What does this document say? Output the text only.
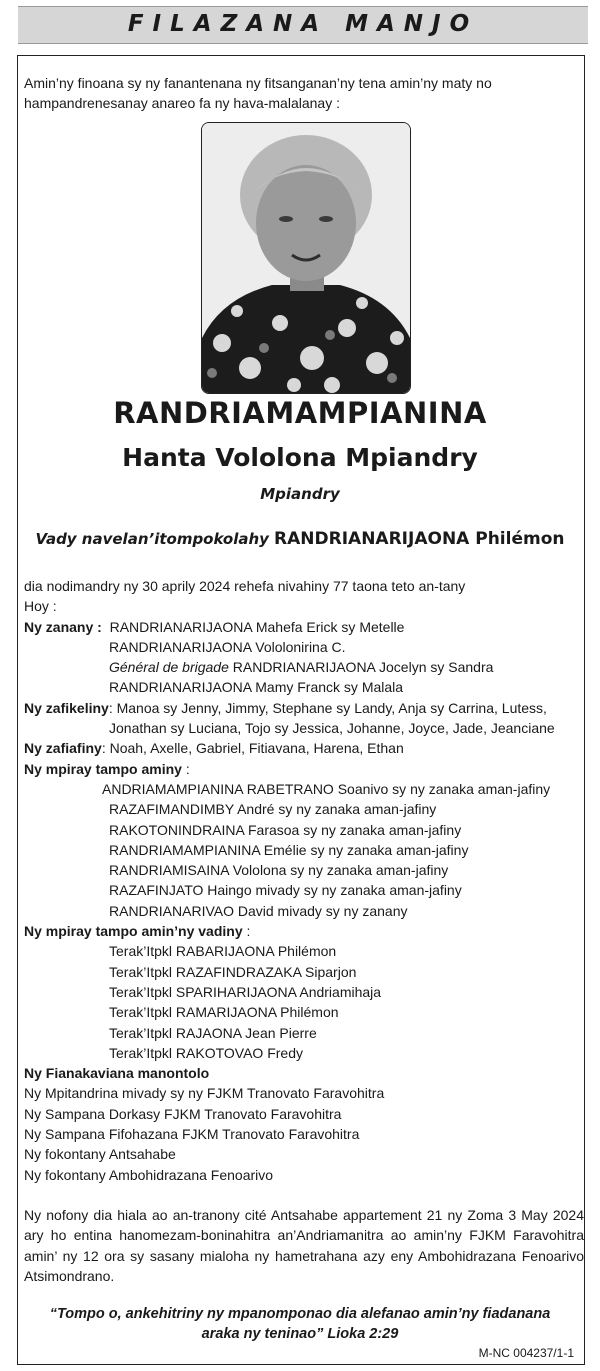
FILAZANA MANJO
Amin’ny finoana sy ny fanantenana ny fitsanganan’ny tena amin’ny maty no hampandrenesanay anareo fa ny hava-malalanay :
RANDRIAMAMPIANINA
Hanta Vololona Mpiandry
Mpiandry
Vady navelan’itompokolahy RANDRIANARIJAONA Philémon
dia nodimandry ny 30 aprily 2024 rehefa nivahiny 77 taona teto an-tany
Hoy :
Ny zanany : RANDRIANARIJAONA Mahefa Erick sy Metelle
RANDRIANARIJAONA Vololonirina C.
Général de brigade RANDRIANARIJAONA Jocelyn sy Sandra
RANDRIANARIJAONA Mamy Franck sy Malala
Ny zafikeliny: Manoa sy Jenny, Jimmy, Stephane sy Landy, Anja sy Carrina, Lutess,
Jonathan sy Luciana, Tojo sy Jessica, Johanne, Joyce, Jade, Jeanciane
Ny zafiafiny: Noah, Axelle, Gabriel, Fitiavana, Harena, Ethan
Ny mpiray tampo aminy :
ANDRIAMAMPIANINA RABETRANO Soanivo sy ny zanaka aman-jafiny
RAZAFIMANDIMBY André sy ny zanaka aman-jafiny
RAKOTONINDRAINA Farasoa sy ny zanaka aman-jafiny
RANDRIAMAMPIANINA Emélie sy ny zanaka aman-jafiny
RANDRIAMISAINA Vololona sy ny zanaka aman-jafiny
RAZAFINJATO Haingo mivady sy ny zanaka aman-jafiny
RANDRIANARIVAO David mivady sy ny zanany
Ny mpiray tampo amin’ny vadiny :
Terak’Itpkl RABARIJAONA Philémon
Terak’Itpkl RAZAFINDRAZAKA Siparjon
Terak’Itpkl SPARIHARIJAONA Andriamihaja
Terak’Itpkl RAMARIJAONA Philémon
Terak’Itpkl RAJAONA Jean Pierre
Terak’Itpkl RAKOTOVAO Fredy
Ny Fianakaviana manontolo
Ny Mpitandrina mivady sy ny FJKM Tranovato Faravohitra
Ny Sampana Dorkasy FJKM Tranovato Faravohitra
Ny Sampana Fifohazana FJKM Tranovato Faravohitra
Ny fokontany Antsahabe
Ny fokontany Ambohidrazana Fenoarivo
Ny nofony dia hiala ao an-tranony cité Antsahabe appartement 21 ny Zoma 3 May 2024 ary ho entina hanomezam-boninahitra an’Andriamanitra ao amin’ny FJKM Faravohitra amin’ ny 12 ora sy sasany mialoha ny hametrahana azy eny Ambohidrazana Fenoarivo Atsimondrano.
“Tompo o, ankehitriny ny mpanomponao dia alefanao amin’ny fiadanana
araka ny teninao” Lioka 2:29
M-NC 004237/1-1
